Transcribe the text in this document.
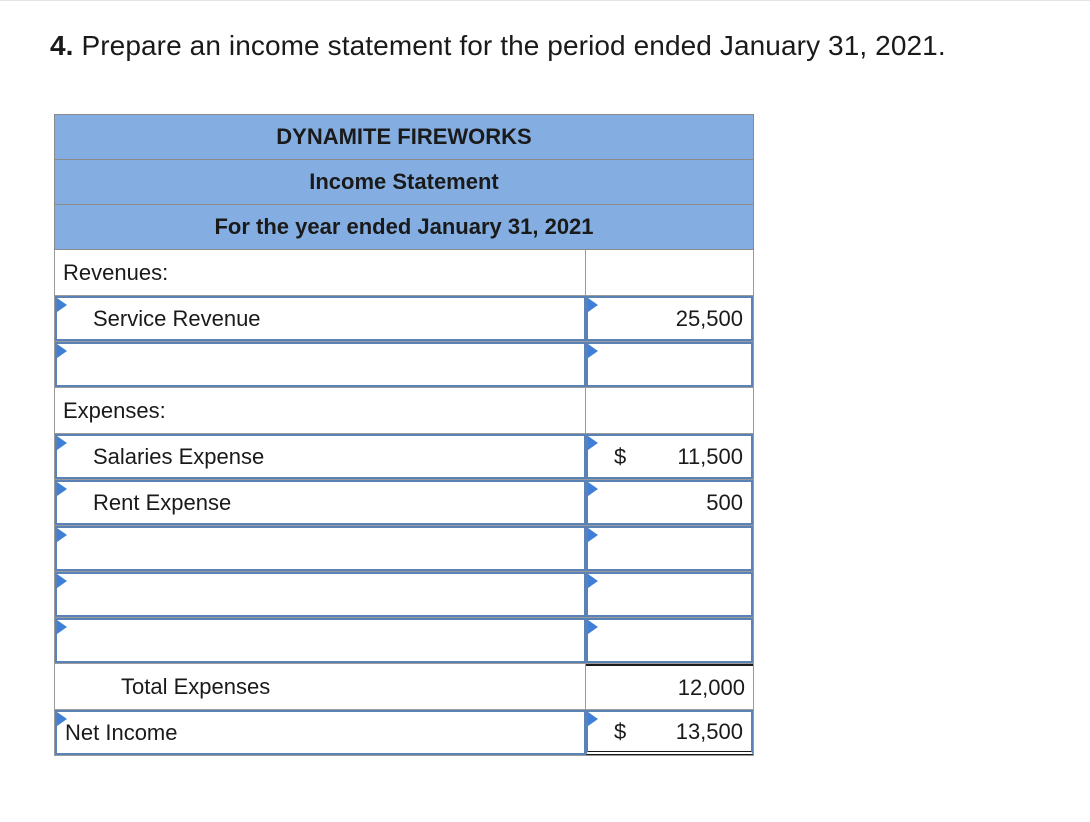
4. Prepare an income statement for the period ended January 31, 2021.
DYNAMITE FIREWORKS
Income Statement
For the year ended January 31, 2021
Revenues:
Service Revenue	25,500
Expenses:
Salaries Expense	$ 11,500
Rent Expense	500
Total Expenses	12,000
Net Income	$ 13,500
